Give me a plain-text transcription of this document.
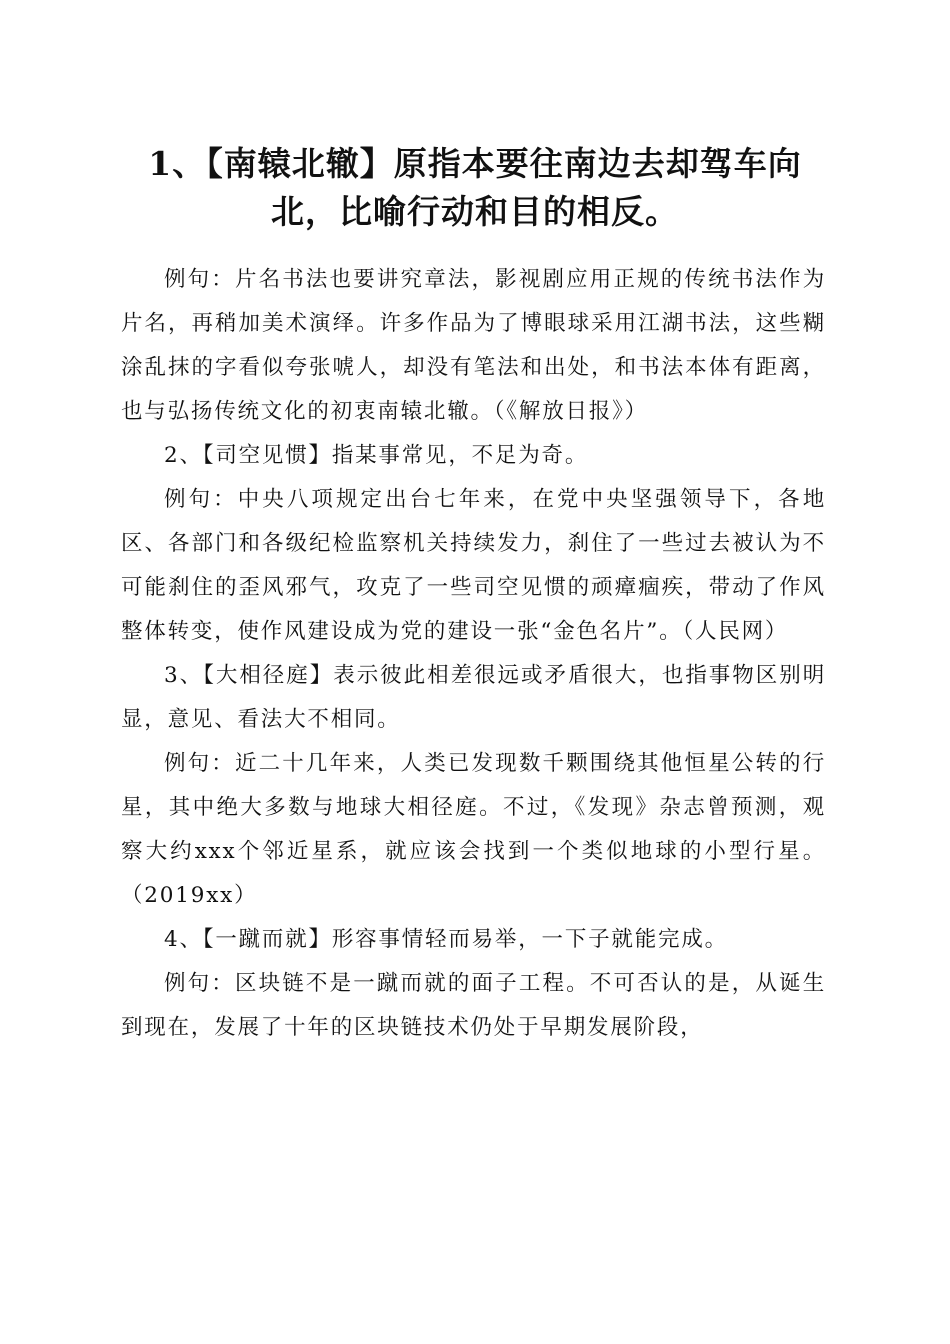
1、【南辕北辙】原指本要往南边去却驾车向
北，比喻行动和目的相反。

例句：片名书法也要讲究章法，影视剧应用正规的传统书法作为片名，再稍加美术演绎。许多作品为了博眼球采用江湖书法，这些糊涂乱抹的字看似夸张唬人，却没有笔法和出处，和书法本体有距离，也与弘扬传统文化的初衷南辕北辙。（《解放日报》）

2、【司空见惯】指某事常见，不足为奇。

例句：中央八项规定出台七年来，在党中央坚强领导下，各地区、各部门和各级纪检监察机关持续发力，刹住了一些过去被认为不可能刹住的歪风邪气，攻克了一些司空见惯的顽瘴痼疾，带动了作风整体转变，使作风建设成为党的建设一张“金色名片”。（人民网）

3、【大相径庭】表示彼此相差很远或矛盾很大，也指事物区别明显，意见、看法大不相同。

例句：近二十几年来，人类已发现数千颗围绕其他恒星公转的行星，其中绝大多数与地球大相径庭。不过，《发现》杂志曾预测，观察大约xxx个邻近星系，就应该会找到一个类似地球的小型行星。（2019xx）

4、【一蹴而就】形容事情轻而易举，一下子就能完成。

例句：区块链不是一蹴而就的面子工程。不可否认的是，从诞生到现在，发展了十年的区块链技术仍处于早期发展阶段，
